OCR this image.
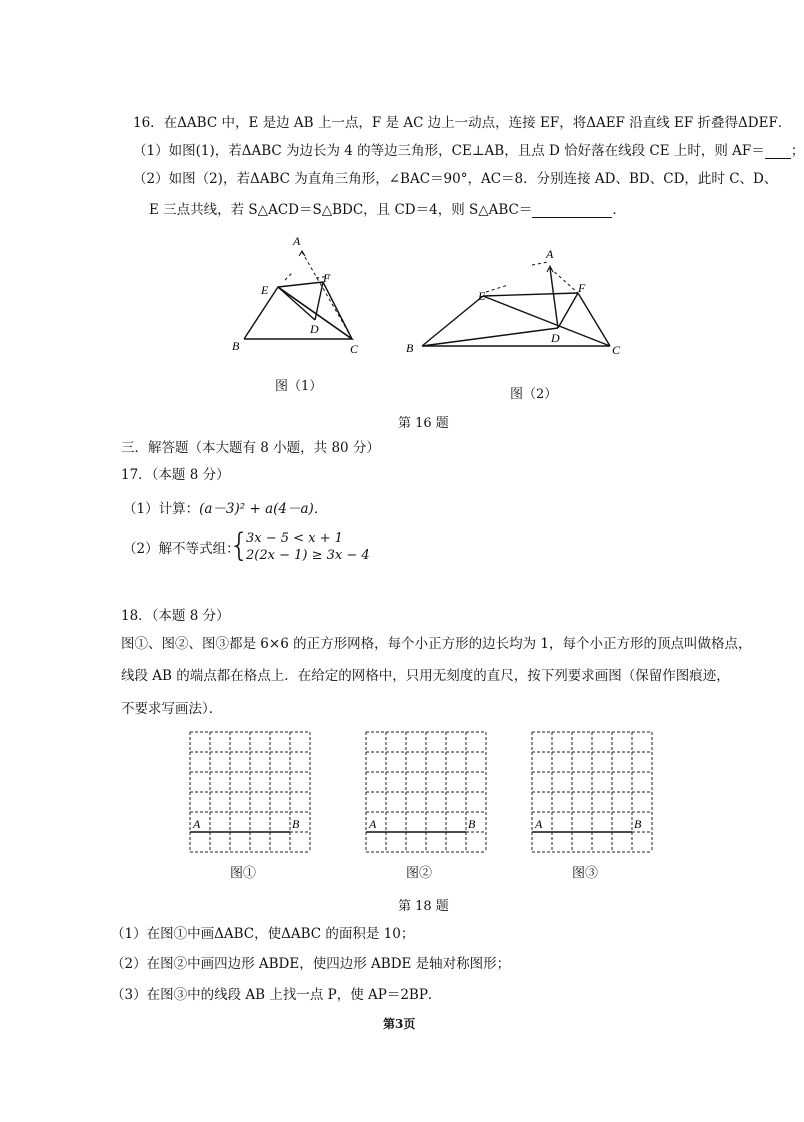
16．在ΔABC 中，E 是边 AB 上一点，F 是 AC 边上一动点，连接 EF，将ΔAEF 沿直线 EF 折叠得ΔDEF．
（1）如图(1)，若ΔABC 为边长为 4 的等边三角形，CE⊥AB，且点 D 恰好落在线段 CE 上时，则 AF＝ ；
（2）如图（2)，若ΔABC 为直角三角形，∠BAC＝90°，AC＝8．分别连接 AD、BD、CD，此时 C、D、
E 三点共线，若 S△ACD＝S△BDC，且 CD＝4，则 S△ABC＝	．
A
B	C
D
E
F
图（1）
A
B	C
D
E
F
图（2）
第 16 题
三．解答题（本大题有 8 小题，共 80 分）
17．（本题 8 分）
（1）计算：(a－3)² + a(4－a)．
（2）解不等式组：
{
3x − 5 < x + 1
2(2x − 1) ≥ 3x − 4
18．（本题 8 分）
图①、图②、图③都是 6×6 的正方形网格，每个小正方形的边长均为 1，每个小正方形的顶点叫做格点，
线段 AB 的端点都在格点上．在给定的网格中，只用无刻度的直尺，按下列要求画图（保留作图痕迹，
不要求写画法）．
A	B	A	B	A	B
图①	图②	图③
第 18 题
（1）在图①中画ΔABC，使ΔABC 的面积是 10；
（2）在图②中画四边形 ABDE，使四边形 ABDE 是轴对称图形；
（3）在图③中的线段 AB 上找一点 P，使 AP＝2BP．
第3页
